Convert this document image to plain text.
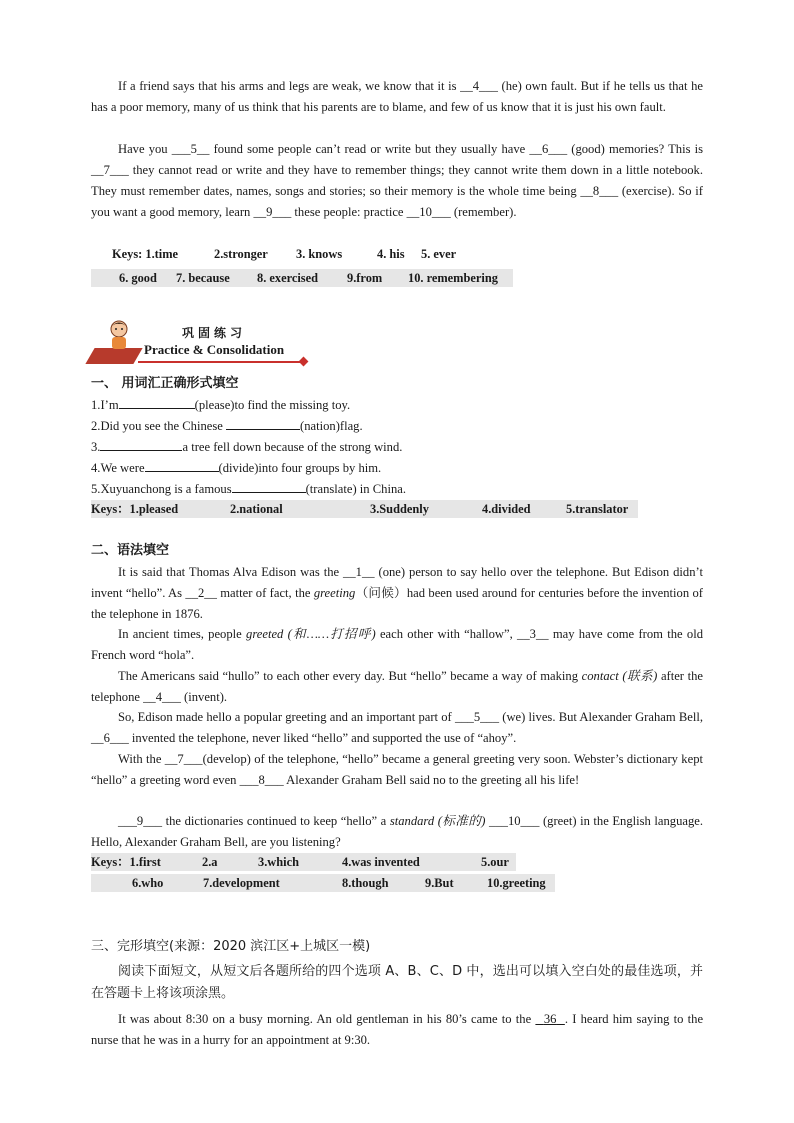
If a friend says that his arms and legs are weak, we know that it is __4___ (he) own fault. But if he tells us that he has a poor memory, many of us think that his parents are to blame, and few of us know that it is just his own fault.

Have you ___5__ found some people can’t read or write but they usually have __6___ (good) memories? This is __7___ they cannot read or write and they have to remember things; they cannot write them down in a little notebook. They must remember dates, names, songs and stories; so their memory is the whole time being __8___ (exercise). So if you want a good memory, learn __9___ these people: practice __10___ (remember).

Keys: 1.time	2.stronger 3. knows	4. his 5. ever
6. good 7. because 8. exercised 9.from 10. remembering
巩固练习
Practice & Consolidation
一、 用词汇正确形式填空
1.I’m	(please)to find the missing toy.
2.Did you see the Chinese	(nation)flag.
3.	a tree fell down because of the strong wind.
4.We were	(divide)into four groups by him.
5.Xuyuanchong is a famous	(translate) in China.
Keys：1.pleased	2.national	3.Suddenly	4.divided	5.translator
二、语法填空

It is said that Thomas Alva Edison was the __1__ (one) person to say hello over the telephone. But Edison didn’t invent “hello”. As __2__ matter of fact, the greeting（问候）had been used around for centuries before the invention of the telephone in 1876.

In ancient times, people greeted (和……打招呼) each other with “hallow”, __3__ may have come from the old French word “hola”.

The Americans said “hullo” to each other every day. But “hello” became a way of making contact (联系) after the telephone __4___ (invent).

So, Edison made hello a popular greeting and an important part of ___5___ (we) lives. But Alexander Graham Bell, __6___ invented the telephone, never liked “hello” and supported the use of “ahoy”.

With the __7___(develop) of the telephone, “hello” became a general greeting very soon. Webster’s dictionary kept “hello” a greeting word even ___8___ Alexander Graham Bell said no to the greeting all his life!

___9___ the dictionaries continued to keep “hello” a standard (标准的) ___10___ (greet) in the English language. Hello, Alexander Graham Bell, are you listening?

Keys：1.first	2.a	3.which	4.was invented	5.our
6.who	7.development	8.though	9.But	10.greeting
三、完形填空(来源：2020 滨江区+上城区一模)

阅读下面短文，从短文后各题所给的四个选项 A、B、C、D 中，选出可以填入空白处的最佳选项，并在答题卡上将该项涂黑。

It was about 8:30 on a busy morning. An old gentleman in his 80’s came to the 36 . I heard him saying to the nurse that he was in a hurry for an appointment at 9:30.
